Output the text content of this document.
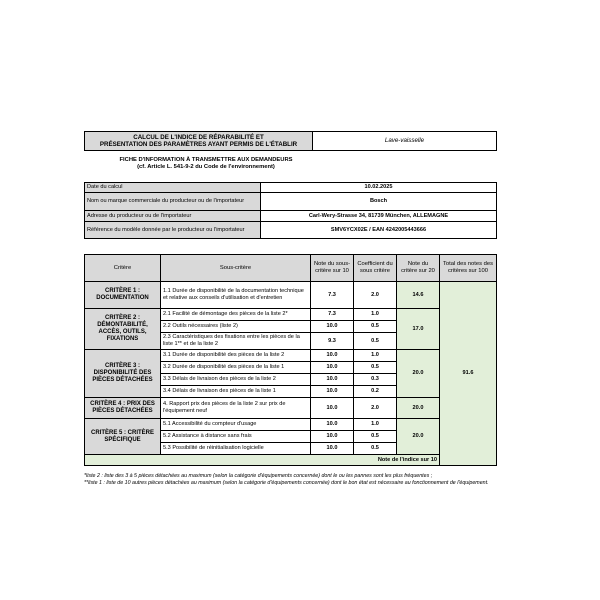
CALCUL DE L'INDICE DE RÉPARABILITÉ ET
PRÉSENTATION DES PARAMÈTRES AYANT PERMIS DE L'ÉTABLIR
	Lave-vaisselle
FICHE D'INFORMATION À TRANSMETTRE AUX DEMANDEURS
(cf. Article L. 541-9-2 du Code de l'environnement)
Date du calcul	10.02.2025
Nom ou marque commerciale du producteur ou de l'importateur	Bosch
Adresse du producteur ou de l'importateur	Carl-Wery-Strasse 34, 81739 München, ALLEMAGNE
Référence du modèle donnée par le producteur ou l'importateur	SMV6YCX02E / EAN 4242005443666
Critère	Sous-critère	Note du sous-critère sur 10	Coefficient du sous critère	Note du critère sur 20	Total des notes des critères sur 100	
CRITÈRE 1 : DOCUMENTATION	1.1 Durée de disponibilité de la documentation technique et relative aux conseils d'utilisation et d'entretien	7.3	2.0	14.6	91.6	
CRITÈRE 2 : DÉMONTABILITÉ, ACCÈS, OUTILS, FIXATIONS	2.1 Facilité de démontage des pièces de la liste 2*	7.3	1.0	17.0		
	2.2 Outils nécessaires (liste 2)	10.0	0.5			
	2.3 Caractéristiques des fixations entre les pièces de la liste 1** et de la liste 2	9.3	0.5			
CRITÈRE 3 : DISPONIBILITÉ DES PIÈCES DÉTACHÉES	3.1 Durée de disponibilité des pièces de la liste 2	10.0	1.0	20.0		
	3.2 Durée de disponibilité des pièces de la liste 1	10.0	0.5			
	3.3 Délais de livraison des pièces de la liste 2	10.0	0.3			
	3.4 Délais de livraison des pièces de la liste 1	10.0	0.2			
CRITÈRE 4 : PRIX DES PIÈCES DÉTACHÉES	4. Rapport prix des pièces de la liste 2 sur prix de l'équipement neuf	10.0	2.0	20.0		
CRITÈRE 5 : CRITÈRE SPÉCIFIQUE	5.1 Accessibilité du compteur d'usage	10.0	1.0	20.0		
	5.2 Assistance à distance sans frais	10.0	0.5			
	5.3 Possibilité de réinitialisation logicielle	10.0	0.5			
Note de l'indice sur 10	
*liste 2 : liste des 3 à 5 pièces détachées au maximum (selon la catégorie d'équipements concernée) dont le ou les pannes sont les plus fréquentes ;
**liste 1 : liste de 10 autres pièces détachées au maximum (selon la catégorie d'équipements concernée) dont le bon état est nécessaire au fonctionnement de l'équipement.
